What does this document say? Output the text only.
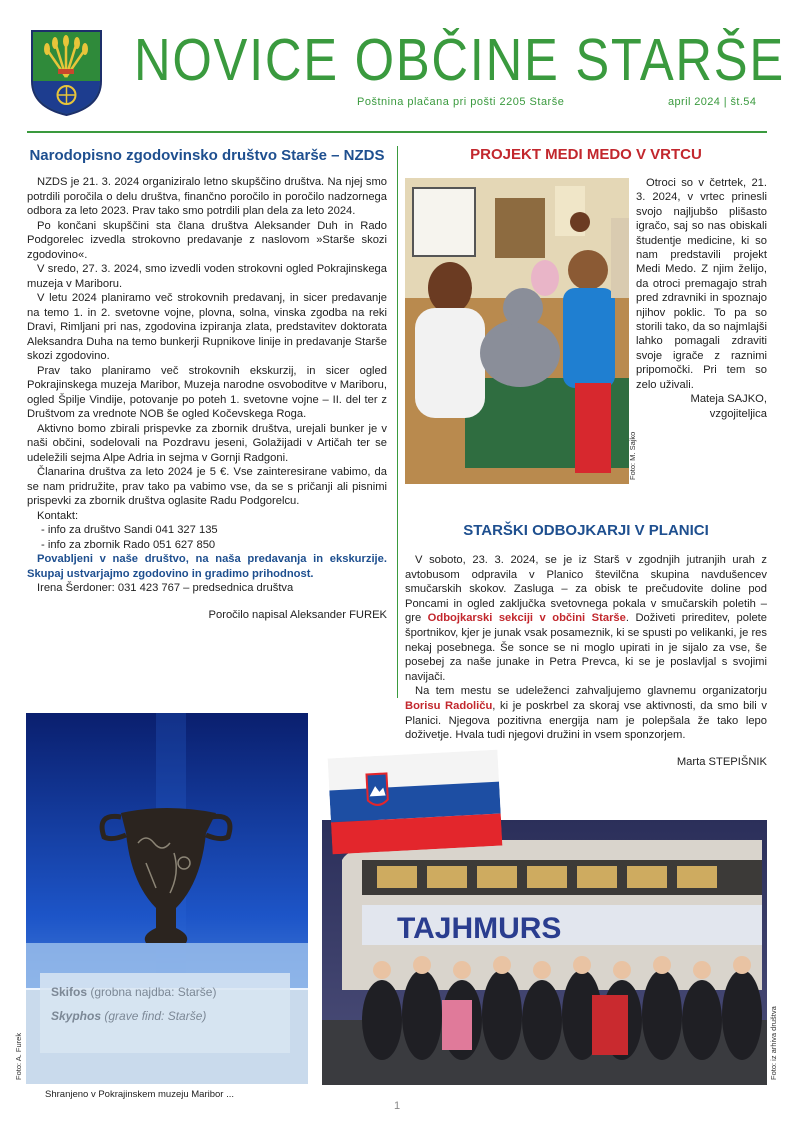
NOVICE OBČINE STARŠE
Poštnina plačana pri pošti 2205 Starše	april 2024 | št.54
Narodopisno zgodovinsko društvo Starše – NZDS

NZDS je 21. 3. 2024 organiziralo letno skupščino društva. Na njej smo potrdili poročila o delu društva, finančno poročilo in poročilo nadzornega odbora za leto 2023. Prav tako smo potrdili plan dela za leto 2024.

Po končani skupščini sta člana društva Aleksander Duh in Rado Podgorelec izvedla strokovno predavanje z naslovom »Starše skozi zgodovino«.

V sredo, 27. 3. 2024, smo izvedli voden strokovni ogled Pokrajinskega muzeja v Mariboru.

V letu 2024 planiramo več strokovnih predavanj, in sicer predavanje na temo 1. in 2. svetovne vojne, plovna, solna, vinska zgodba na reki Dravi, Rimljani pri nas, zgodovina izpiranja zlata, predstavitev doktorata Aleksandra Duha na temo bunkerji Rupnikove linije in predavanje Starše skozi zgodovino.

Prav tako planiramo več strokovnih ekskurzij, in sicer ogled Pokrajinskega muzeja Maribor, Muzeja narodne osvoboditve v Mariboru, ogled Špilje Vindije, potovanje po poteh 1. svetovne vojne – II. del ter z Društvom za vrednote NOB še ogled Kočevskega Roga.

Aktivno bomo zbirali prispevke za zbornik društva, urejali bunker je v naši občini, sodelovali na Pozdravu jeseni, Golažijadi v Artičah ter se udeležili sejma Alpe Adria in sejma v Gornji Radgoni.

Članarina društva za leto 2024 je 5 €. Vse zainteresirane vabimo, da se nam pridružite, prav tako pa vabimo vse, da se s pričanji ali pisnimi prispevki za zbornik društva oglasite Radu Podgorelcu.

Kontakt:

- info za društvo Sandi 041 327 135
- info za zbornik Rado 051 627 850

Povabljeni v naše društvo, na naša predavanja in ekskurzije. Skupaj ustvarjajmo zgodovino in gradimo prihodnost.

Irena Šerdoner: 031 423 767 – predsednica društva

Poročilo napisal Aleksander FUREK
Skifos (grobna najdba: Starše)
Skyphos (grave find: Starše)
Foto: A. Furek
Shranjeno v Pokrajinskem muzeju Maribor ...
PROJEKT MEDI MEDO V VRTCU
Foto: M. Sajko
Otroci so v četrtek, 21. 3. 2024, v vrtec prinesli svojo najljubšo plišasto igračo, saj so nas obiskali študentje medicine, ki so nam predstavili projekt Medi Medo. Z njim želijo, da otroci premagajo strah pred zdravniki in spoznajo njihov poklic. To pa so storili tako, da so najmlajši lahko pomagali zdraviti svoje igrače z raznimi pripomočki. Pri tem so zelo uživali.
Mateja SAJKO,
vzgojiteljica
STARŠKI ODBOJKARJI V PLANICI

V soboto, 23. 3. 2024, se je iz Starš v zgodnjih jutranjih urah z avtobusom odpravila v Planico številčna skupina navdušencev smučarskih skokov. Zasluga – za obisk te prečudovite doline pod Poncami in ogled zaključka svetovnega pokala v smučarskih poletih – gre Odbojkarski sekciji v občini Starše. Doživeti prireditev, polete športnikov, kjer je junak vsak posameznik, ki se spusti po velikanki, je res nekaj posebnega. Še sonce se ni moglo upirati in je sijalo za vse, še posebej za naše junake in Petra Prevca, ki se je poslavljal s svojimi navijači.

Na tem mestu se udeleženci zahvaljujemo glavnemu organizatorju Borisu Radoliču, ki je poskrbel za skoraj vse aktivnosti, da smo bili v Planici. Njegova pozitivna energija nam je polepšala že tako lepo doživetje. Hvala tudi njegovi družini in vsem sponzorjem.

Marta STEPIŠNIK
TAJHMURS
Foto: iz arhiva društva
1
